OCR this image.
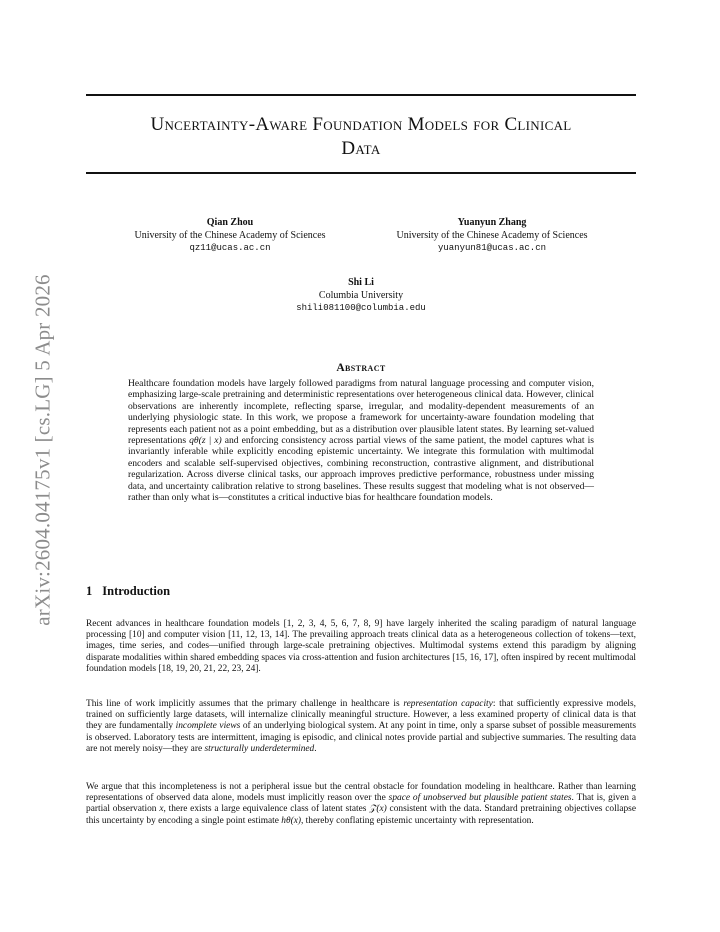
arXiv:2604.04175v1 [cs.LG] 5 Apr 2026
Uncertainty-Aware Foundation Models for Clinical
Data
Qian Zhou
University of the Chinese Academy of Sciences
qz11@ucas.ac.cn
Yuanyun Zhang
University of the Chinese Academy of Sciences
yuanyun81@ucas.ac.cn
Shi Li
Columbia University
shili081100@columbia.edu
Abstract
Healthcare foundation models have largely followed paradigms from natural language processing and computer vision, emphasizing large-scale pretraining and deterministic representations over heterogeneous clinical data. However, clinical observations are inherently incomplete, reflecting sparse, irregular, and modality-dependent measurements of an underlying physiologic state. In this work, we propose a framework for uncertainty-aware foundation modeling that represents each patient not as a point embedding, but as a distribution over plausible latent states. By learning set-valued representations qθ(z | x) and enforcing consistency across partial views of the same patient, the model captures what is invariantly inferable while explicitly encoding epistemic uncertainty. We integrate this formulation with multimodal encoders and scalable self-supervised objectives, combining reconstruction, contrastive alignment, and distributional regularization. Across diverse clinical tasks, our approach improves predictive performance, robustness under missing data, and uncertainty calibration relative to strong baselines. These results suggest that modeling what is not observed—rather than only what is—constitutes a critical inductive bias for healthcare foundation models.
1 Introduction

Recent advances in healthcare foundation models [1, 2, 3, 4, 5, 6, 7, 8, 9] have largely inherited the scaling paradigm of natural language processing [10] and computer vision [11, 12, 13, 14]. The prevailing approach treats clinical data as a heterogeneous collection of tokens—text, images, time series, and codes—unified through large-scale pretraining objectives. Multimodal systems extend this paradigm by aligning disparate modalities within shared embedding spaces via cross-attention and fusion architectures [15, 16, 17], often inspired by recent multimodal foundation models [18, 19, 20, 21, 22, 23, 24].

This line of work implicitly assumes that the primary challenge in healthcare is representation capacity: that sufficiently expressive models, trained on sufficiently large datasets, will internalize clinically meaningful structure. However, a less examined property of clinical data is that they are fundamentally incomplete views of an underlying biological system. At any point in time, only a sparse subset of possible measurements is observed. Laboratory tests are intermittent, imaging is episodic, and clinical notes provide partial and subjective summaries. The resulting data are not merely noisy—they are structurally underdetermined.

We argue that this incompleteness is not a peripheral issue but the central obstacle for foundation modeling in healthcare. Rather than learning representations of observed data alone, models must implicitly reason over the space of unobserved but plausible patient states. That is, given a partial observation x, there exists a large equivalence class of latent states 𝒵(x) consistent with the data. Standard pretraining objectives collapse this uncertainty by encoding a single point estimate hθ(x), thereby conflating epistemic uncertainty with representation.
